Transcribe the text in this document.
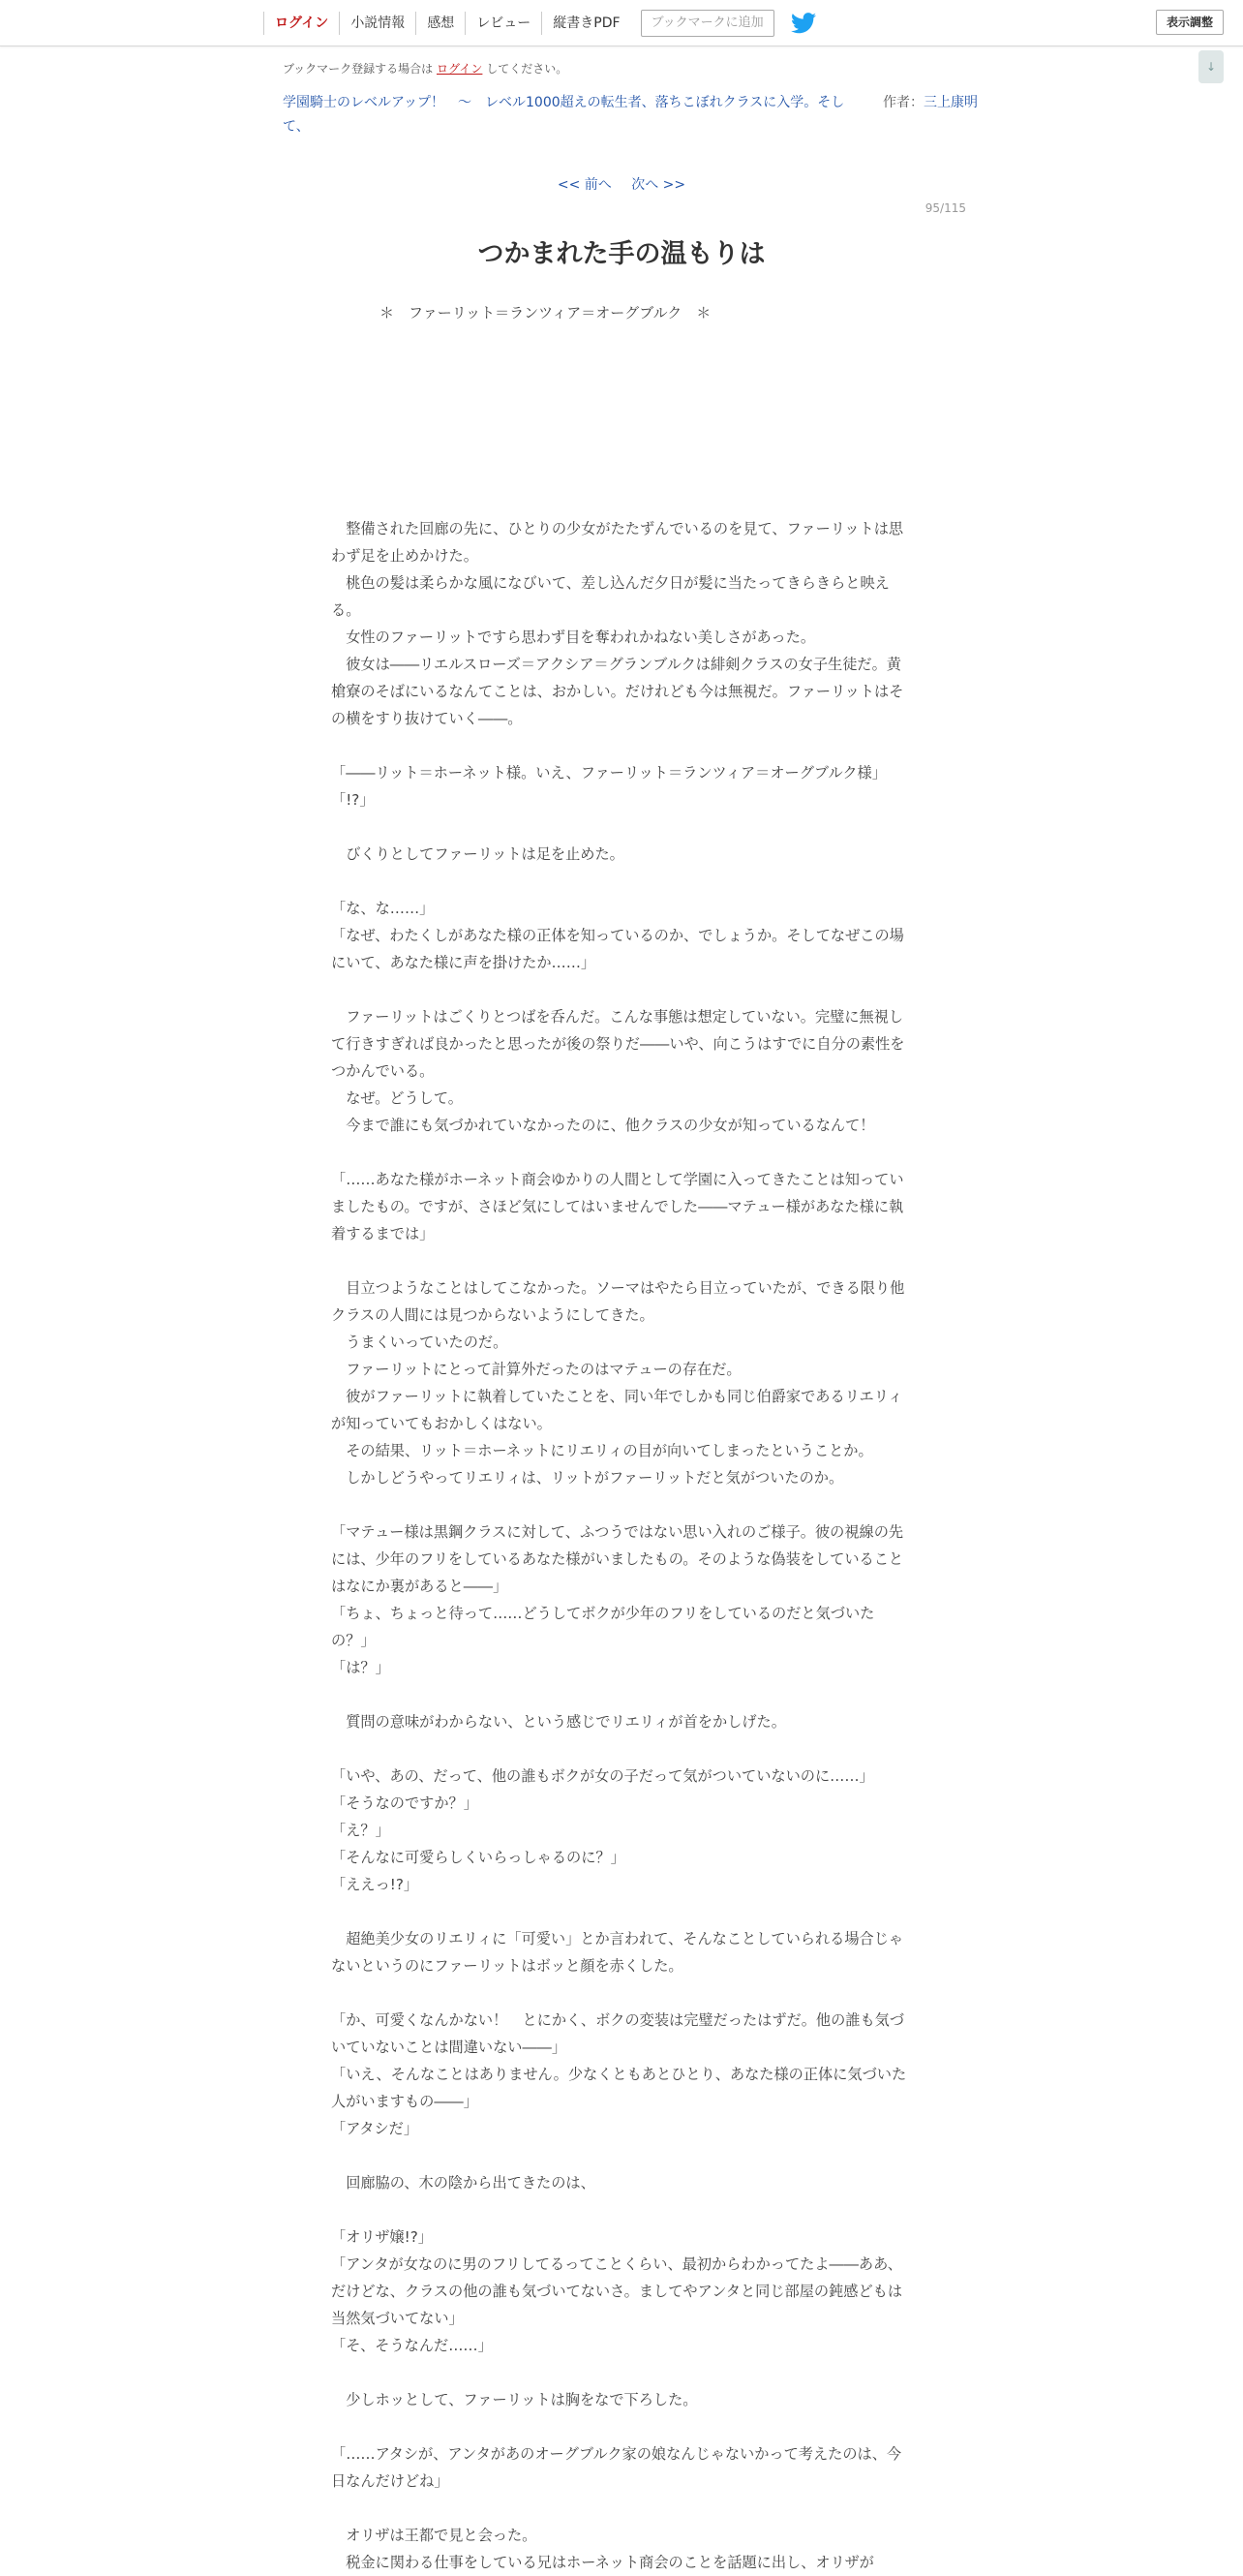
ログイン	小説情報	感想	レビュー	縦書きPDF	ブックマークに追加	表示調整
↓
ブックマーク登録する場合は ログイン してください。
作者：三上康明
学園騎士のレベルアップ！　〜　レベル1000超えの転生者、落ちこぼれクラスに入学。そして、
<< 前へ 次へ >>
95/115
つかまれた手の温もりは
＊　ファーリット＝ランツィア＝オーグブルク　＊

　整備された回廊の先に、ひとりの少女がたたずんでいるのを見て、ファーリットは思わず足を止めかけた。

　桃色の髪は柔らかな風になびいて、差し込んだ夕日が髪に当たってきらきらと映える。

　女性のファーリットですら思わず目を奪われかねない美しさがあった。

　彼女は――リエルスローズ＝アクシア＝グランブルクは緋剣クラスの女子生徒だ。黄槍寮のそばにいるなんてことは、おかしい。だけれども今は無視だ。ファーリットはその横をすり抜けていく――。

「――リット＝ホーネット様。いえ、ファーリット＝ランツィア＝オーグブルク様」

「!?」

　びくりとしてファーリットは足を止めた。

「な、な……」

「なぜ、わたくしがあなた様の正体を知っているのか、でしょうか。そしてなぜこの場にいて、あなた様に声を掛けたか……」

　ファーリットはごくりとつばを呑んだ。こんな事態は想定していない。完璧に無視して行きすぎれば良かったと思ったが後の祭りだ――いや、向こうはすでに自分の素性をつかんでいる。

　なぜ。どうして。

　今まで誰にも気づかれていなかったのに、他クラスの少女が知っているなんて！

「……あなた様がホーネット商会ゆかりの人間として学園に入ってきたことは知っていましたもの。ですが、さほど気にしてはいませんでした――マテュー様があなた様に執着するまでは」

　目立つようなことはしてこなかった。ソーマはやたら目立っていたが、できる限り他クラスの人間には見つからないようにしてきた。

　うまくいっていたのだ。

　ファーリットにとって計算外だったのはマテューの存在だ。

　彼がファーリットに執着していたことを、同い年でしかも同じ伯爵家であるリエリィが知っていてもおかしくはない。

　その結果、リット＝ホーネットにリエリィの目が向いてしまったということか。

　しかしどうやってリエリィは、リットがファーリットだと気がついたのか。

「マテュー様は黒鋼クラスに対して、ふつうではない思い入れのご様子。彼の視線の先には、少年のフリをしているあなた様がいましたもの。そのような偽装をしていることはなにか裏があると――」

「ちょ、ちょっと待って……どうしてボクが少年のフリをしているのだと気づいたの？」

「は？」

　質問の意味がわからない、という感じでリエリィが首をかしげた。

「いや、あの、だって、他の誰もボクが女の子だって気がついていないのに……」

「そうなのですか？」

「え？」

「そんなに可愛らしくいらっしゃるのに？」

「ええっ!?」

　超絶美少女のリエリィに「可愛い」とか言われて、そんなことしていられる場合じゃないというのにファーリットはボッと顔を赤くした。

「か、可愛くなんかない！　とにかく、ボクの変装は完璧だったはずだ。他の誰も気づいていないことは間違いない――」

「いえ、そんなことはありません。少なくともあとひとり、あなた様の正体に気づいた人がいますもの――」

「アタシだ」

　回廊脇の、木の陰から出てきたのは、

「オリザ嬢!?」

「アンタが女なのに男のフリしてるってことくらい、最初からわかってたよ――ああ、だけどな、クラスの他の誰も気づいてないさ。ましてやアンタと同じ部屋の鈍感どもは当然気づいてない」

「そ、そうなんだ……」

　少しホッとして、ファーリットは胸をなで下ろした。

「……アタシが、アンタがあのオーグブルク家の娘なんじゃないかって考えたのは、今日なんだけどね」

　オリザは王都で見と会った。

　税金に関わる仕事をしている兄はホーネット商会のことを話題に出し、オリザが
